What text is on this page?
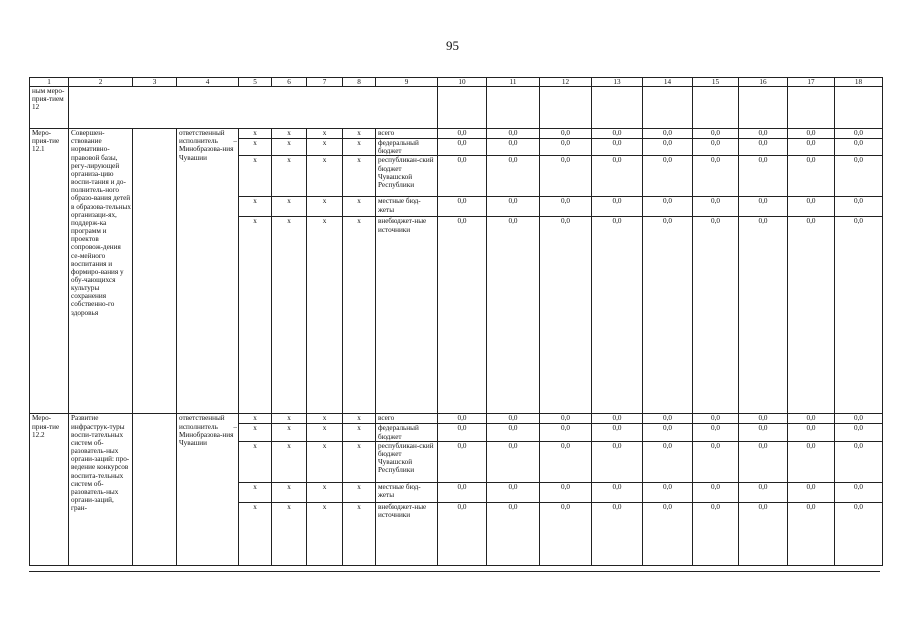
95
1	2	3	4	5	6	7	8	9	10	11	12	13	14	15	16	17	18
ным меро-прия-тием 12																	
Меро-прия-тие 12.1	Совершен-ствование нормативно-правовой базы, регу-лирующей организа-цию воспи-тания и до-полнитель-ного образо-вания детей в образова-тельных организаци-ях, поддерж-ка программ и проектов сопровож-дения се-мейного воспитания и формиро-вания у обу-чающихся культуры сохранения собственно-го здоровья		ответственный исполнитель – Минобразова-ния Чувашии	x	x	x	x	всего	0,0	0,0	0,0	0,0	0,0	0,0	0,0	0,0	0,0
				x	x	x	x	федеральный бюджет	0,0	0,0	0,0	0,0	0,0	0,0	0,0	0,0	0,0
				x	x	x	x	республикан-ский бюджет Чувашской Республики	0,0	0,0	0,0	0,0	0,0	0,0	0,0	0,0	0,0
				x	x	x	x	местные бюд-жеты	0,0	0,0	0,0	0,0	0,0	0,0	0,0	0,0	0,0
				x	x	x	x	внебюджет-ные источники	0,0	0,0	0,0	0,0	0,0	0,0	0,0	0,0	0,0
Меро-прия-тие 12.2	Развитие инфраструк-туры воспи-тательных систем об-разователь-ных органи-заций: про-ведение конкурсов воспита-тельных систем об-разователь-ных органи-заций, гран-		ответственный исполнитель – Минобразова-ния Чувашии	x	x	x	x	всего	0,0	0,0	0,0	0,0	0,0	0,0	0,0	0,0	0,0
				x	x	x	x	федеральный бюджет	0,0	0,0	0,0	0,0	0,0	0,0	0,0	0,0	0,0
				x	x	x	x	республикан-ский бюджет Чувашской Республики	0,0	0,0	0,0	0,0	0,0	0,0	0,0	0,0	0,0
				x	x	x	x	местные бюд-жеты	0,0	0,0	0,0	0,0	0,0	0,0	0,0	0,0	0,0
				x	x	x	x	внебюджет-ные источники	0,0	0,0	0,0	0,0	0,0	0,0	0,0	0,0	0,0
